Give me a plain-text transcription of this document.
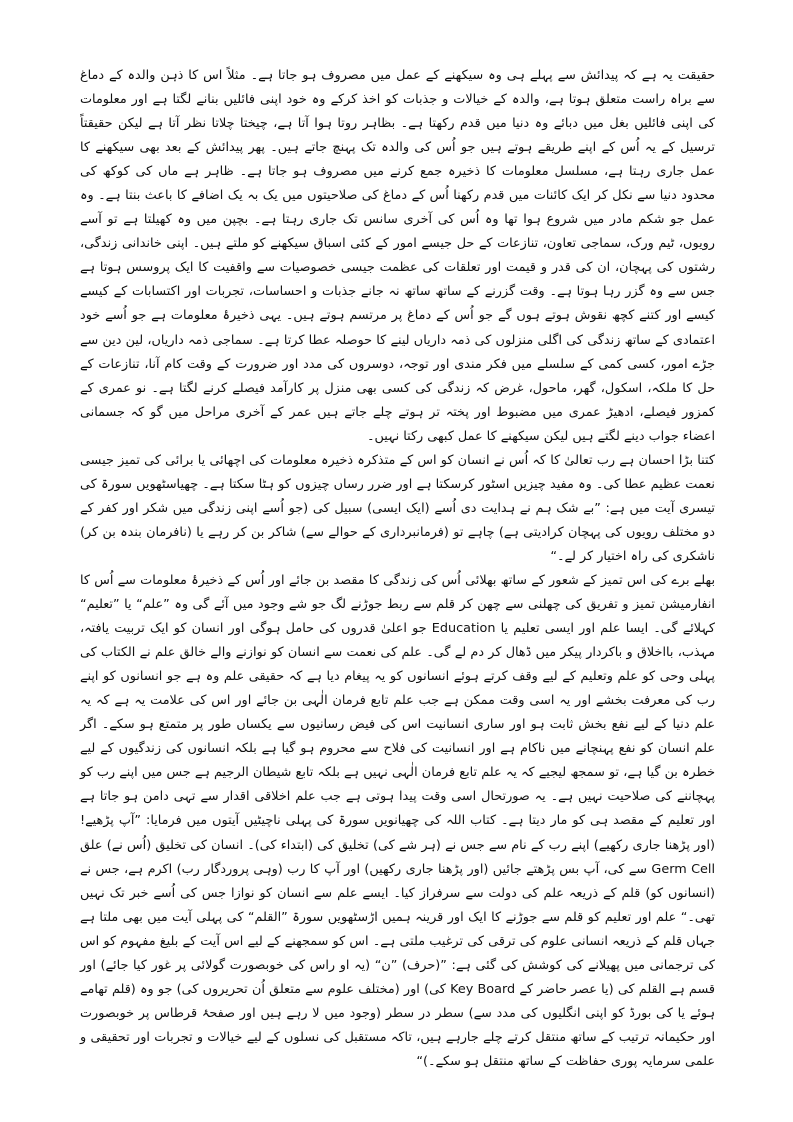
حقیقت یہ ہے کہ پیدائش سے پہلے ہی وہ سیکھنے کے عمل میں مصروف ہو جاتا ہے۔ مثلاً اس کا ذہن والدہ کے دماغ سے براہ راست متعلق ہوتا ہے، والدہ کے خیالات و جذبات کو اخذ کرکے وہ خود اپنی فائلیں بنانے لگتا ہے اور معلومات کی اپنی فائلیں بغل میں دبائے وہ دنیا میں قدم رکھتا ہے۔ بظاہر روتا ہوا آتا ہے، چیختا چلاتا نظر آتا ہے لیکن حقیقتاً ترسیل کے یہ اُس کے اپنے طریقے ہوتے ہیں جو اُس کی والدہ تک پہنچ جاتے ہیں۔ پھر پیدائش کے بعد بھی سیکھنے کا عمل جاری رہتا ہے، مسلسل معلومات کا ذخیرہ جمع کرنے میں مصروف ہو جاتا ہے۔ ظاہر ہے ماں کی کوکھ کی محدود دنیا سے نکل کر ایک کائنات میں قدم رکھنا اُس کے دماغ کی صلاحیتوں میں یک بہ یک اضافے کا باعث بنتا ہے۔ وہ عمل جو شکم مادر میں شروع ہوا تھا وہ اُس کی آخری سانس تک جاری رہتا ہے۔ بچپن میں وہ کھیلتا ہے تو آسے رویوں، ٹیم ورک، سماجی تعاون، تنازعات کے حل جیسے امور کے کئی اسباق سیکھنے کو ملتے ہیں۔ اپنی خاندانی زندگی، رشتوں کی پہچان، ان کی قدر و قیمت اور تعلقات کی عظمت جیسی خصوصیات سے واقفیت کا ایک پروسس ہوتا ہے جس سے وہ گزر رہا ہوتا ہے۔ وقت گزرنے کے ساتھ ساتھ نہ جانے جذبات و احساسات، تجربات اور اکتسابات کے کیسے کیسے اور کتنے کچھ نقوش ہوتے ہوں گے جو اُس کے دماغ پر مرتسم ہوتے ہیں۔ یہی ذخیرۂ معلومات ہے جو اُسے خود اعتمادی کے ساتھ زندگی کی اگلی منزلوں کی ذمہ داریاں لینے کا حوصلہ عطا کرتا ہے۔ سماجی ذمہ داریاں، لین دین سے جڑے امور، کسی کمی کے سلسلے میں فکر مندی اور توجہ، دوسروں کی مدد اور ضرورت کے وقت کام آنا، تنازعات کے حل کا ملکہ، اسکول، گھر، ماحول، غرض کہ زندگی کی کسی بھی منزل پر کارآمد فیصلے کرنے لگتا ہے۔ نو عمری کے کمزور فیصلے، ادھیڑ عمری میں مضبوط اور پختہ تر ہوتے چلے جاتے ہیں عمر کے آخری مراحل میں گو کہ جسمانی اعضاء جواب دینے لگتے ہیں لیکن سیکھنے کا عمل کبھی رکتا نہیں۔

کتنا بڑا احسان ہے رب تعالیٰ کا کہ اُس نے انسان کو اس کے متذکرہ ذخیرہ معلومات کی اچھائی یا برائی کی تمیز جیسی نعمت عظیم عطا کی۔ وہ مفید چیزیں اسٹور کرسکتا ہے اور ضرر رساں چیزوں کو ہٹا سکتا ہے۔ چھیاسٹھویں سورۃ کی تیسری آیت میں ہے: ”بے شک ہم نے ہدایت دی اُسے (ایک ایسی) سبیل کی (جو اُسے اپنی زندگی میں شکر اور کفر کے دو مختلف رویوں کی پہچان کرادیتی ہے) چاہے تو (فرمانبرداری کے حوالے سے) شاکر بن کر رہے یا (نافرمان بندہ بن کر) ناشکری کی راہ اختیار کر لے۔“

بھلے برے کی اس تمیز کے شعور کے ساتھ بھلائی اُس کی زندگی کا مقصد بن جائے اور اُس کے ذخیرۂ معلومات سے اُس کا انفارمیشن تمیز و تفریق کی چھلنی سے چھن کر قلم سے ربط جوڑنے لگ جو شے وجود میں آئے گی وہ ”علم“ یا ”تعلیم“ کہلائے گی۔ ایسا علم اور ایسی تعلیم یا Education جو اعلیٰ قدروں کی حامل ہوگی اور انسان کو ایک تربیت یافتہ، مہذب، بااخلاق و باکردار پیکر میں ڈھال کر دم لے گی۔ علم کی نعمت سے انسان کو نوازنے والے خالق علم نے الکتاب کی پہلی وحی کو علم وتعلیم کے لیے وقف کرتے ہوئے انسانوں کو یہ پیغام دیا ہے کہ حقیقی علم وہ ہے جو انسانوں کو اپنے رب کی معرفت بخشے اور یہ اسی وقت ممکن ہے جب علم تابع فرمان الٰہی بن جائے اور اس کی علامت یہ ہے کہ یہ علم دنیا کے لیے نفع بخش ثابت ہو اور ساری انسانیت اس کی فیض رسانیوں سے یکساں طور پر متمتع ہو سکے۔ اگر علم انسان کو نفع پہنچانے میں ناکام ہے اور انسانیت کی فلاح سے محروم ہو گیا ہے بلکہ انسانوں کی زندگیوں کے لیے خطرہ بن گیا ہے، تو سمجھ لیجیے کہ یہ علم تابع فرمان الٰہی نہیں ہے بلکہ تابع شیطان الرجیم ہے جس میں اپنے رب کو پہچاننے کی صلاحیت نہیں ہے۔ یہ صورتحال اسی وقت پیدا ہوتی ہے جب علم اخلاقی اقدار سے تہی دامن ہو جاتا ہے اور تعلیم کے مقصد ہی کو مار دیتا ہے۔ کتاب اللہ کی چھیانویں سورۃ کی پہلی ناچیٹیں آیتوں میں فرمایا: ”آپ پڑھیے! (اور پڑھنا جاری رکھیے) اپنے رب کے نام سے جس نے (ہر شے کی) تخلیق کی (ابتداء کی)۔ انسان کی تخلیق (اُس نے) علق Germ Cell سے کی، آپ بس پڑھتے جائیں (اور پڑھنا جاری رکھیں) اور آپ کا رب (وہی پروردگار رب) اکرم ہے، جس نے (انسانوں کو) قلم کے ذریعہ علم کی دولت سے سرفراز کیا۔ ایسے علم سے انسان کو نوازا جس کی اُسے خبر تک نہیں تھی۔“ علم اور تعلیم کو قلم سے جوڑنے کا ایک اور قرینہ ہمیں اڑسٹھویں سورۃ ”القلم“ کی پہلی آیت میں بھی ملتا ہے جہاں قلم کے ذریعہ انسانی علوم کی ترقی کی ترغیب ملتی ہے۔ اس کو سمجھنے کے لیے اس آیت کے بلیغ مفہوم کو اس کی ترجمانی میں پھیلانے کی کوشش کی گئی ہے: ”(حرف) ”ن“ (یہ او راس کی خوبصورت گولائی پر غور کیا جائے) اور قسم ہے القلم کی (یا عصر حاضر کے Key Board کی) اور (مختلف علوم سے متعلق اُن تحریروں کی) جو وہ (قلم تھامے ہوئے یا کی بورڈ کو اپنی انگلیوں کی مدد سے) سطر در سطر (وجود میں لا رہے ہیں اور صفحۂ قرطاس پر خوبصورت اور حکیمانہ ترتیب کے ساتھ منتقل کرتے چلے جارہے ہیں، تاکہ مستقبل کی نسلوں کے لیے خیالات و تجربات اور تحقیقی و علمی سرمایہ پوری حفاظت کے ساتھ منتقل ہو سکے۔)“
